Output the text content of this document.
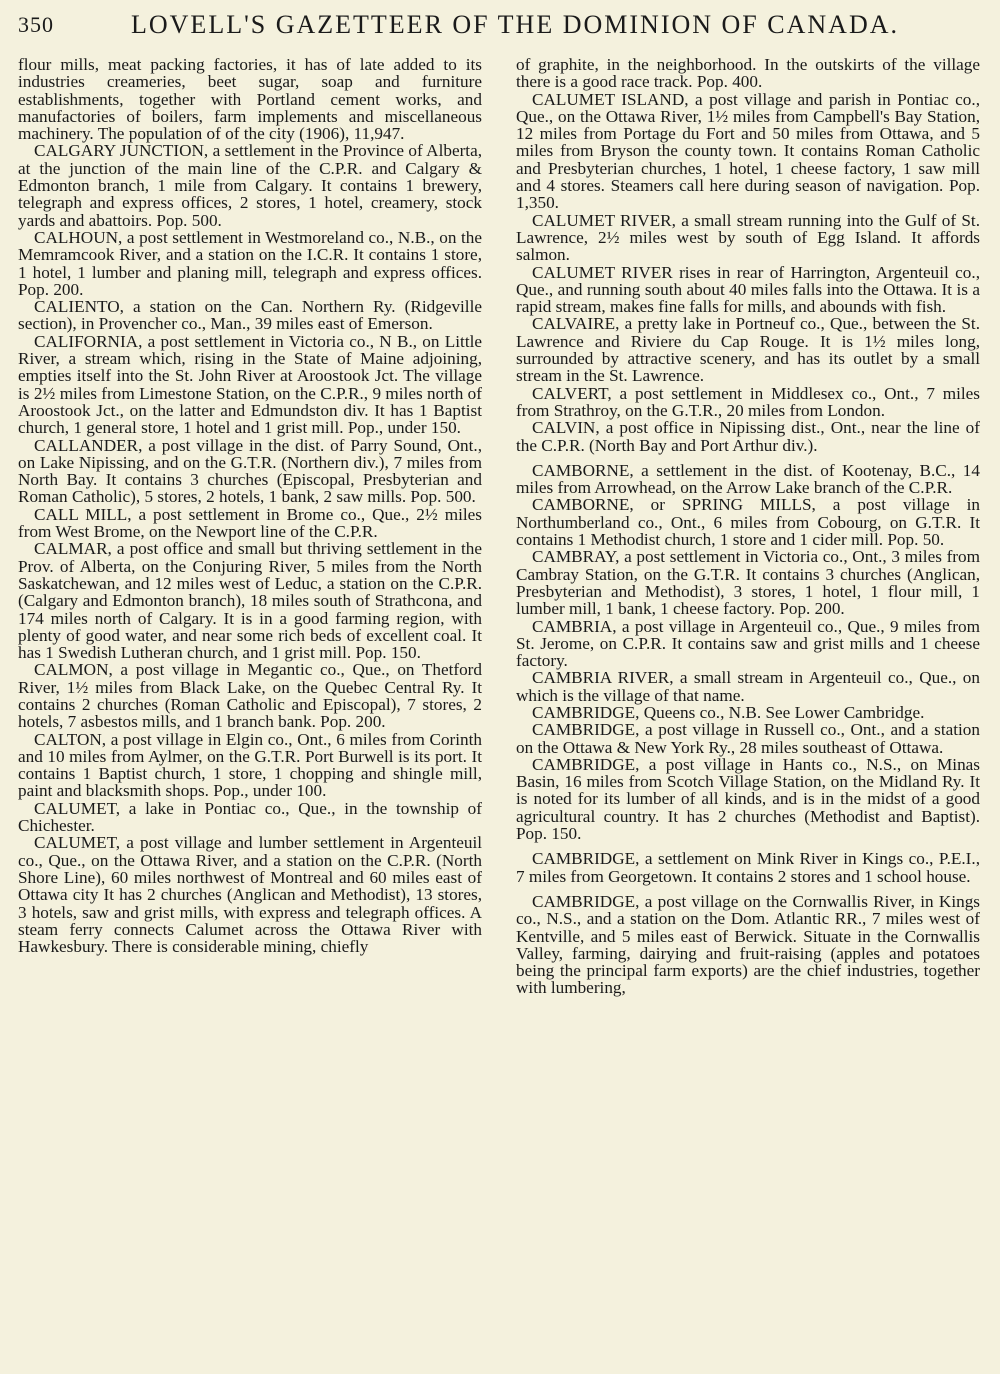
350	LOVELL'S GAZETTEER OF THE DOMINION OF CANADA.

flour mills, meat packing factories, it has of late added to its industries creameries, beet sugar, soap and furniture establishments, together with Portland cement works, and manufactories of boilers, farm implements and miscellaneous machinery. The population of of the city (1906), 11,947.

CALGARY JUNCTION, a settlement in the Province of Alberta, at the junction of the main line of the C.P.R. and Calgary & Edmonton branch, 1 mile from Calgary. It contains 1 brewery, telegraph and express offices, 2 stores, 1 hotel, creamery, stock yards and abattoirs. Pop. 500.

CALHOUN, a post settlement in Westmoreland co., N.B., on the Memramcook River, and a station on the I.C.R. It contains 1 store, 1 hotel, 1 lumber and planing mill, telegraph and express offices. Pop. 200.

CALIENTO, a station on the Can. Northern Ry. (Ridgeville section), in Provencher co., Man., 39 miles east of Emerson.

CALIFORNIA, a post settlement in Victoria co., N B., on Little River, a stream which, rising in the State of Maine adjoining, empties itself into the St. John River at Aroostook Jct. The village is 2½ miles from Limestone Station, on the C.P.R., 9 miles north of Aroostook Jct., on the latter and Edmundston div. It has 1 Baptist church, 1 general store, 1 hotel and 1 grist mill. Pop., under 150.

CALLANDER, a post village in the dist. of Parry Sound, Ont., on Lake Nipissing, and on the G.T.R. (Northern div.), 7 miles from North Bay. It contains 3 churches (Episcopal, Presbyterian and Roman Catholic), 5 stores, 2 hotels, 1 bank, 2 saw mills. Pop. 500.

CALL MILL, a post settlement in Brome co., Que., 2½ miles from West Brome, on the Newport line of the C.P.R.

CALMAR, a post office and small but thriving settlement in the Prov. of Alberta, on the Conjuring River, 5 miles from the North Saskatchewan, and 12 miles west of Leduc, a station on the C.P.R. (Calgary and Edmonton branch), 18 miles south of Strathcona, and 174 miles north of Calgary. It is in a good farming region, with plenty of good water, and near some rich beds of excellent coal. It has 1 Swedish Lutheran church, and 1 grist mill. Pop. 150.

CALMON, a post village in Megantic co., Que., on Thetford River, 1½ miles from Black Lake, on the Quebec Central Ry. It contains 2 churches (Roman Catholic and Episcopal), 7 stores, 2 hotels, 7 asbestos mills, and 1 branch bank. Pop. 200.

CALTON, a post village in Elgin co., Ont., 6 miles from Corinth and 10 miles from Aylmer, on the G.T.R. Port Burwell is its port. It contains 1 Baptist church, 1 store, 1 chopping and shingle mill, paint and blacksmith shops. Pop., under 100.

CALUMET, a lake in Pontiac co., Que., in the township of Chichester.

CALUMET, a post village and lumber settlement in Argenteuil co., Que., on the Ottawa River, and a station on the C.P.R. (North Shore Line), 60 miles northwest of Montreal and 60 miles east of Ottawa city It has 2 churches (Anglican and Methodist), 13 stores, 3 hotels, saw and grist mills, with express and telegraph offices. A steam ferry connects Calumet across the Ottawa River with Hawkesbury. There is considerable mining, chiefly

of graphite, in the neighborhood. In the outskirts of the village there is a good race track. Pop. 400.

CALUMET ISLAND, a post village and parish in Pontiac co., Que., on the Ottawa River, 1½ miles from Campbell's Bay Station, 12 miles from Portage du Fort and 50 miles from Ottawa, and 5 miles from Bryson the county town. It contains Roman Catholic and Presbyterian churches, 1 hotel, 1 cheese factory, 1 saw mill and 4 stores. Steamers call here during season of navigation. Pop. 1,350.

CALUMET RIVER, a small stream running into the Gulf of St. Lawrence, 2½ miles west by south of Egg Island. It affords salmon.

CALUMET RIVER rises in rear of Harrington, Argenteuil co., Que., and running south about 40 miles falls into the Ottawa. It is a rapid stream, makes fine falls for mills, and abounds with fish.

CALVAIRE, a pretty lake in Portneuf co., Que., between the St. Lawrence and Riviere du Cap Rouge. It is 1½ miles long, surrounded by attractive scenery, and has its outlet by a small stream in the St. Lawrence.

CALVERT, a post settlement in Middlesex co., Ont., 7 miles from Strathroy, on the G.T.R., 20 miles from London.

CALVIN, a post office in Nipissing dist., Ont., near the line of the C.P.R. (North Bay and Port Arthur div.).

CAMBORNE, a settlement in the dist. of Kootenay, B.C., 14 miles from Arrowhead, on the Arrow Lake branch of the C.P.R.

CAMBORNE, or SPRING MILLS, a post village in Northumberland co., Ont., 6 miles from Cobourg, on G.T.R. It contains 1 Methodist church, 1 store and 1 cider mill. Pop. 50.

CAMBRAY, a post settlement in Victoria co., Ont., 3 miles from Cambray Station, on the G.T.R. It contains 3 churches (Anglican, Presbyterian and Methodist), 3 stores, 1 hotel, 1 flour mill, 1 lumber mill, 1 bank, 1 cheese factory. Pop. 200.

CAMBRIA, a post village in Argenteuil co., Que., 9 miles from St. Jerome, on C.P.R. It contains saw and grist mills and 1 cheese factory.

CAMBRIA RIVER, a small stream in Argenteuil co., Que., on which is the village of that name.

CAMBRIDGE, Queens co., N.B. See Lower Cambridge.

CAMBRIDGE, a post village in Russell co., Ont., and a station on the Ottawa & New York Ry., 28 miles southeast of Ottawa.

CAMBRIDGE, a post village in Hants co., N.S., on Minas Basin, 16 miles from Scotch Village Station, on the Midland Ry. It is noted for its lumber of all kinds, and is in the midst of a good agricultural country. It has 2 churches (Methodist and Baptist). Pop. 150.

CAMBRIDGE, a settlement on Mink River in Kings co., P.E.I., 7 miles from Georgetown. It contains 2 stores and 1 school house.

CAMBRIDGE, a post village on the Cornwallis River, in Kings co., N.S., and a station on the Dom. Atlantic RR., 7 miles west of Kentville, and 5 miles east of Berwick. Situate in the Cornwallis Valley, farming, dairying and fruit-raising (apples and potatoes being the principal farm exports) are the chief industries, together with lumbering,
